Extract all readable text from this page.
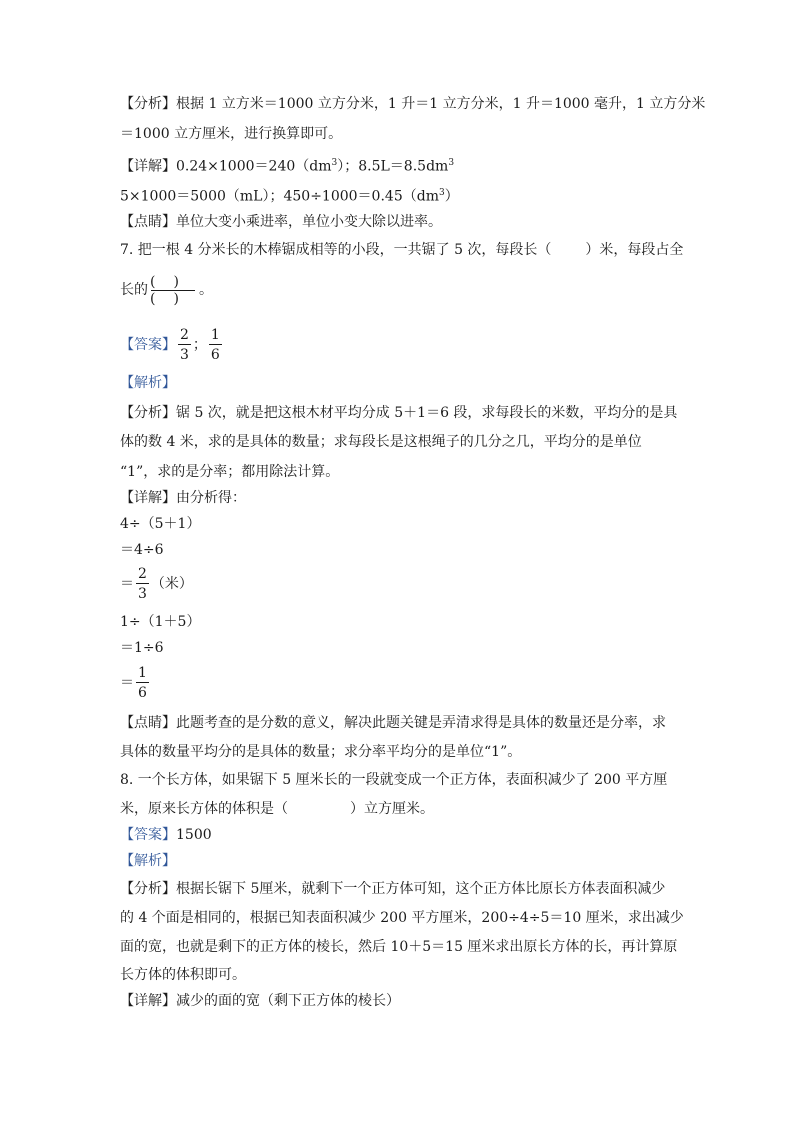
【分析】根据 1 立方米＝1000 立方分米，1 升＝1 立方分米，1 升＝1000 毫升，1 立方分米
＝1000 立方厘米，进行换算即可。
【详解】$0.24\times 1000=240(dm^3)$；$8.5L=8.5dm^3$
5×1000＝5000（mL）；$450\div 1000=0.45(dm^3)$
【点睛】单位大变小乘进率，单位小变大除以进率。
7. 把一根 4 分米长的木棒锯成相等的小段，一共锯了 5 次，每段长（ ）米，每段占全
长的 $\frac{()}{()}$ 。
【答案】 $\frac{2}{3}$ ； $\frac{1}{6}$
【解析】
【分析】锯 5 次，就是把这根木材平均分成 5＋1＝6 段，求每段长的米数，平均分的是具
体的数 4 米，求的是具体的数量；求每段长是这根绳子的几分之几，平均分的是单位
“1”，求的是分率；都用除法计算。
【详解】由分析得：
4÷（5＋1）
＝4÷6
＝ $\frac{2}{3}$ （米）
1÷（1＋5）
＝1÷6
＝ $\frac{1}{6}$
【点睛】此题考查的是分数的意义，解决此题关键是弄清求得是具体的数量还是分率，求
具体的数量平均分的是具体的数量；求分率平均分的是单位“1”。
8. 一个长方体，如果锯下 5 厘米长的一段就变成一个正方体，表面积减少了 200 平方厘
米，原来长方体的体积是（	）立方厘米。
【答案】1500
【解析】
【分析】根据长锯下 5厘米，就剩下一个正方体可知，这个正方体比原长方体表面积减少
的 4 个面是相同的，根据已知表面积减少 200 平方厘米，200÷4÷5＝10 厘米，求出减少
面的宽，也就是剩下的正方体的棱长，然后 10＋5＝15 厘米求出原长方体的长，再计算原
长方体的体积即可。
【详解】减少的面的宽（剩下正方体的棱长）
